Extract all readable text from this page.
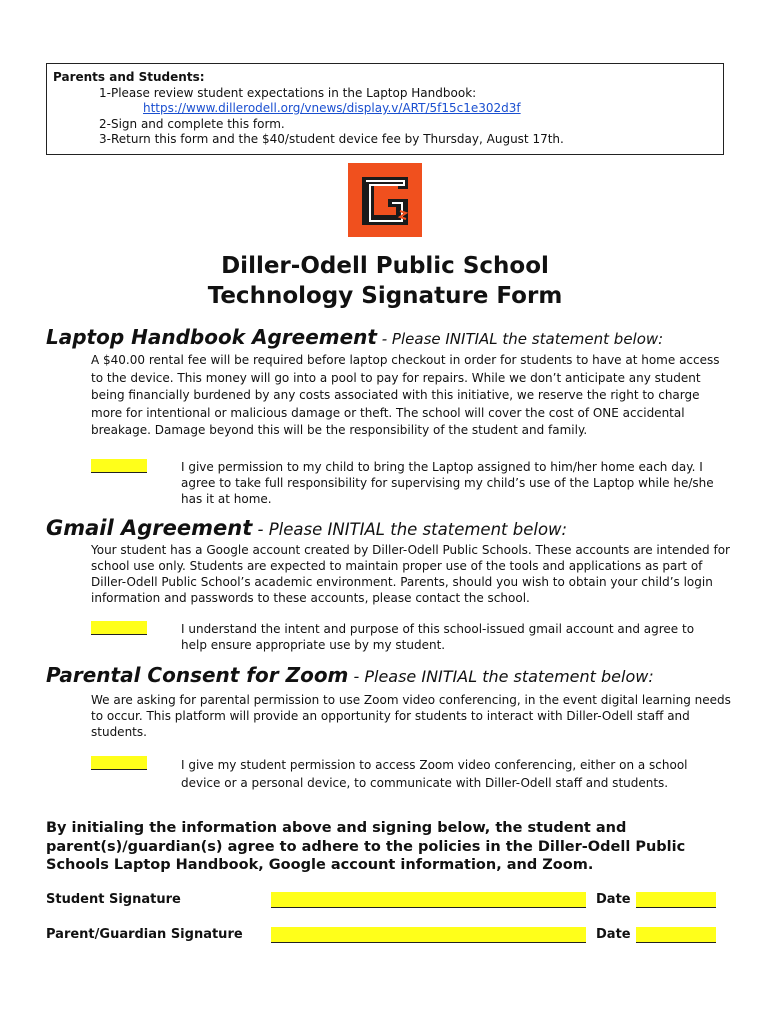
Parents and Students:
1-Please review student expectations in the Laptop Handbook:
https://www.dillerodell.org/vnews/display.v/ART/5f15c1e302d3f
2-Sign and complete this form.
3-Return this form and the $40/student device fee by Thursday, August 17th.
Diller-Odell Public School
Technology Signature Form
Laptop Handbook Agreement - Please INITIAL the statement below:
A $40.00 rental fee will be required before laptop checkout in order for students to have at home access to the device. This money will go into a pool to pay for repairs. While we don’t anticipate any student being financially burdened by any costs associated with this initiative, we reserve the right to charge more for intentional or malicious damage or theft. The school will cover the cost of ONE accidental breakage. Damage beyond this will be the responsibility of the student and family.
I give permission to my child to bring the Laptop assigned to him/her home each day. I agree to take full responsibility for supervising my child’s use of the Laptop while he/she has it at home.
Gmail Agreement - Please INITIAL the statement below:
Your student has a Google account created by Diller-Odell Public Schools. These accounts are intended for school use only. Students are expected to maintain proper use of the tools and applications as part of Diller-Odell Public School’s academic environment. Parents, should you wish to obtain your child’s login information and passwords to these accounts, please contact the school.
I understand the intent and purpose of this school-issued gmail account and agree to help ensure appropriate use by my student.
Parental Consent for Zoom - Please INITIAL the statement below:
We are asking for parental permission to use Zoom video conferencing, in the event digital learning needs to occur. This platform will provide an opportunity for students to interact with Diller-Odell staff and students.
I give my student permission to access Zoom video conferencing, either on a school device or a personal device, to communicate with Diller-Odell staff and students.
By initialing the information above and signing below, the student and parent(s)/guardian(s) agree to adhere to the policies in the Diller-Odell Public Schools Laptop Handbook, Google account information, and Zoom.
Student Signature	Date
Parent/Guardian Signature	Date
